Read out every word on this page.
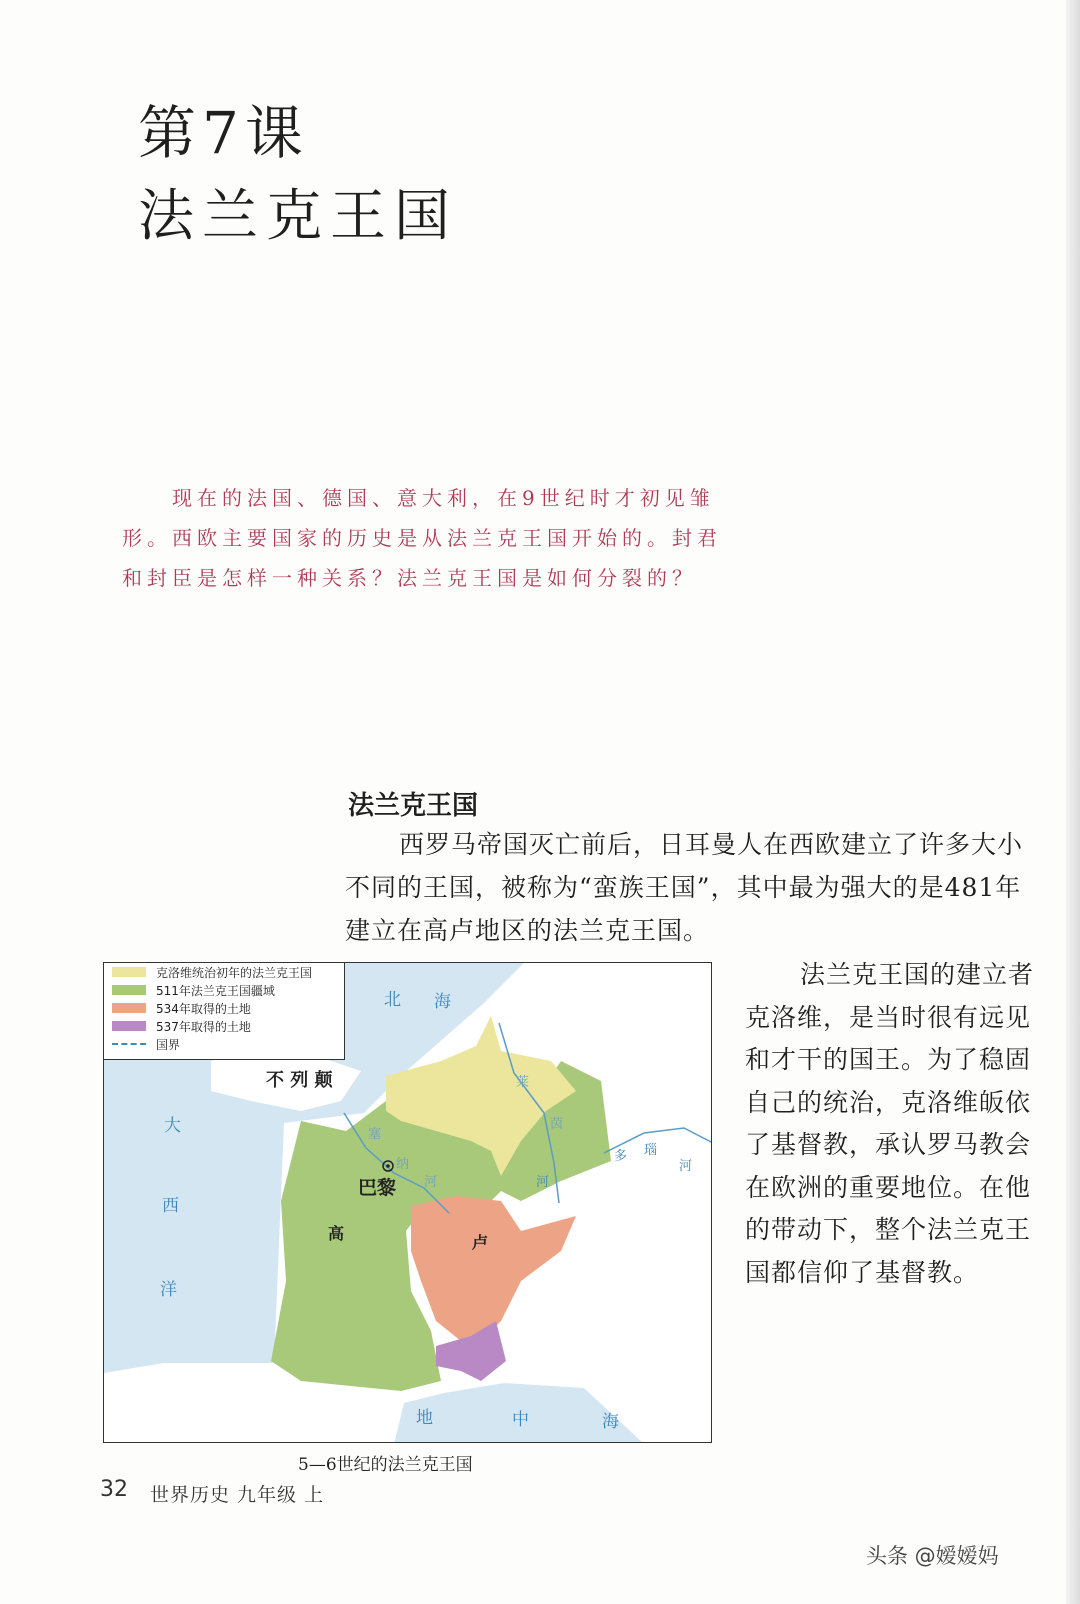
第7课
法兰克王国
现在的法国、德国、意大利，在9世纪时才初见雏形。西欧主要国家的历史是从法兰克王国开始的。封君和封臣是怎样一种关系？法兰克王国是如何分裂的？
法兰克王国
西罗马帝国灭亡前后，日耳曼人在西欧建立了许多大小不同的王国，被称为“蛮族王国”，其中最为强大的是481年建立在高卢地区的法兰克王国。
法兰克王国的建立者克洛维，是当时很有远见和才干的国王。为了稳固自己的统治，克洛维皈依了基督教，承认罗马教会在欧洲的重要地位。在他的带动下，整个法兰克王国都信仰了基督教。
克洛维统治初年的法兰克王国
511年法兰克王国疆域
534年取得的土地
537年取得的土地
国界
北 海
不 列 颠
大
西
洋
巴黎
高	卢
莱
茵
塞
纳
河
多 瑙
河
河
地	中	海
5—6世纪的法兰克王国
32 世界历史 九年级 上
头条 @嫒嫒妈
